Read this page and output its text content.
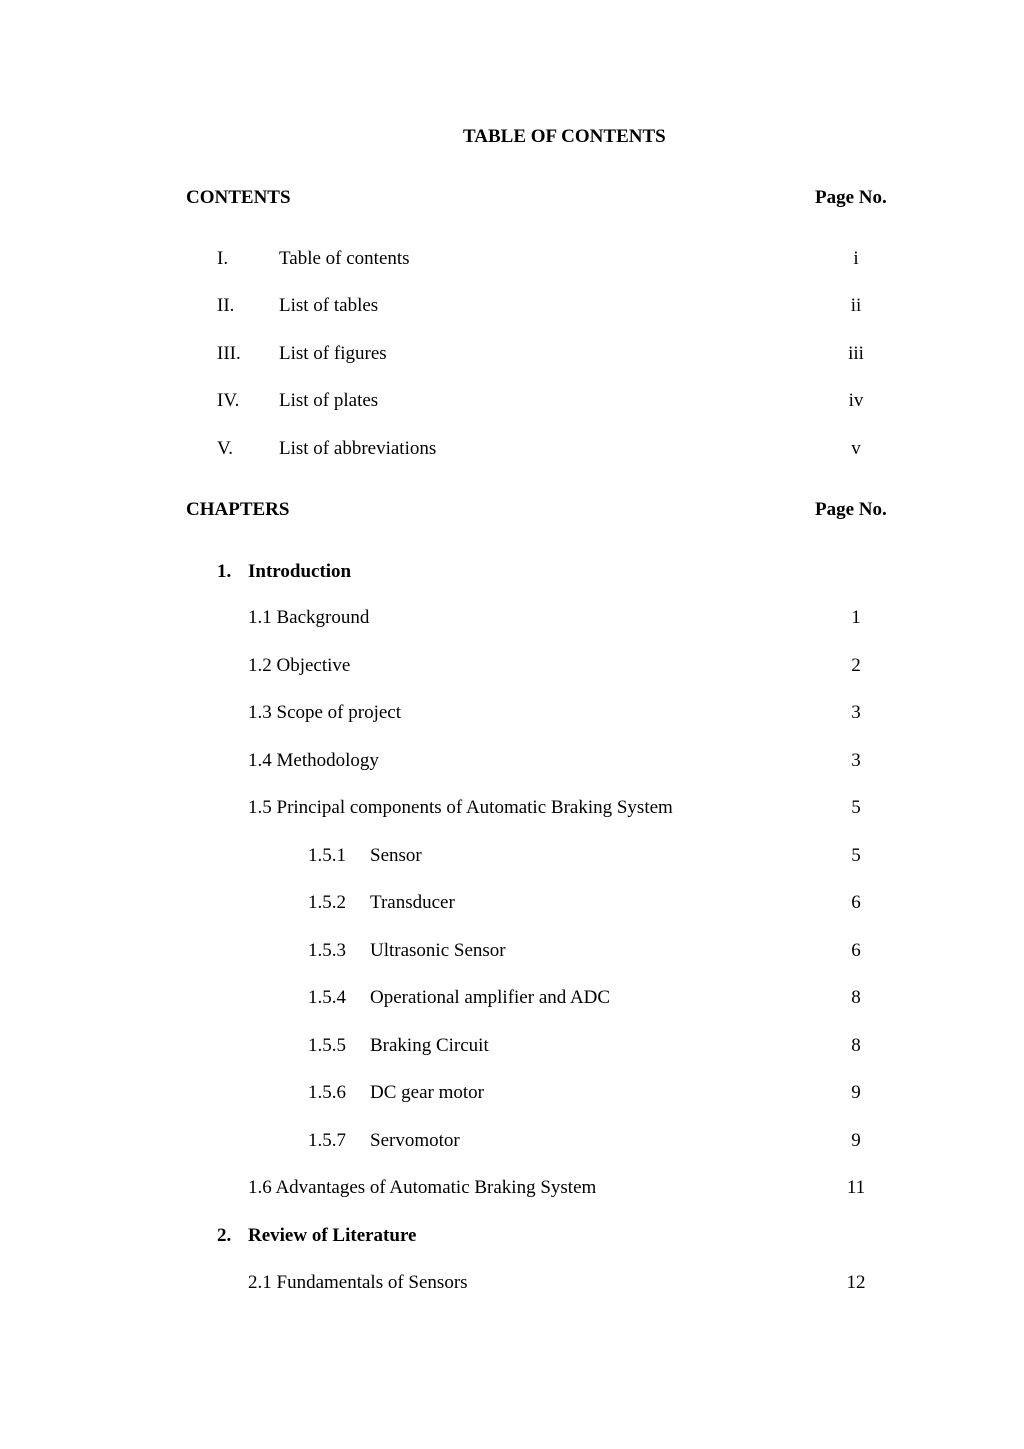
TABLE OF CONTENTS
CONTENTS	Page No.
I.	Table of contents	i
II. List of tables	ii
III. List of figures	iii
IV. List of plates	iv
V. List of abbreviations	v
CHAPTERS	Page No.
1. Introduction
1.1 Background	1
1.2 Objective	2
1.3 Scope of project	3
1.4 Methodology	3
1.5 Principal components of Automatic Braking System	5
1.5.1 Sensor	5
1.5.2 Transducer	6
1.5.3 Ultrasonic Sensor	6
1.5.4 Operational amplifier and ADC	8
1.5.5 Braking Circuit	8
1.5.6 DC gear motor	9
1.5.7 Servomotor	9
1.6 Advantages of Automatic Braking System	11
2. Review of Literature
2.1 Fundamentals of Sensors	12
